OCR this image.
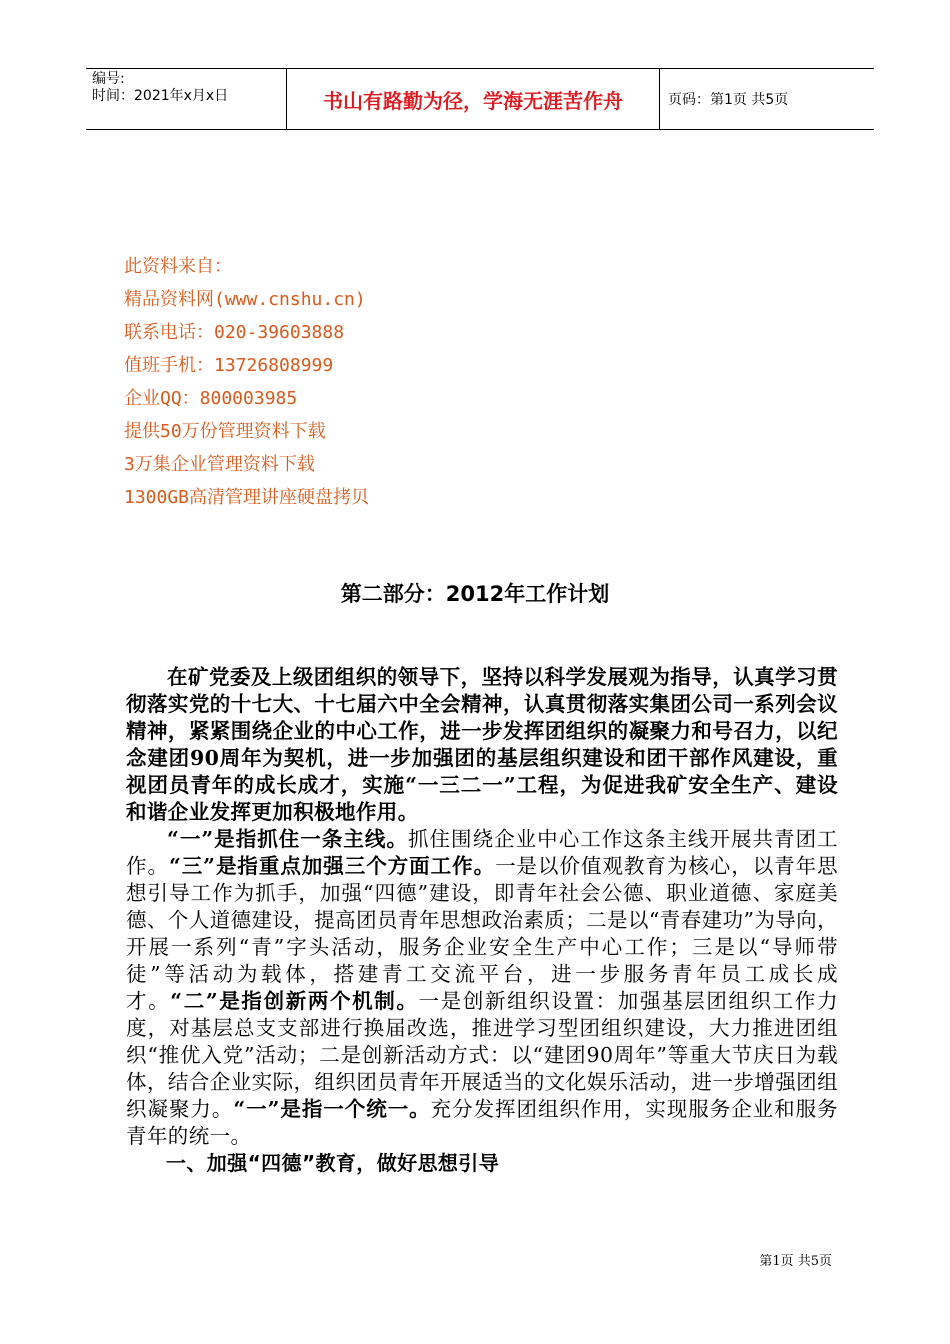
编号:
时间：2021年x月x日	书山有路勤为径，学海无涯苦作舟	页码：第1页 共5页
此资料来自：
精品资料网(www.cnshu.cn)
联系电话：020-39603888
值班手机：13726808999
企业QQ：800003985
提供50万份管理资料下载
3万集企业管理资料下载
1300GB高清管理讲座硬盘拷贝
第二部分：2012年工作计划

在矿党委及上级团组织的领导下，坚持以科学发展观为指导，认真学习贯彻落实党的十七大、十七届六中全会精神，认真贯彻落实集团公司一系列会议精神，紧紧围绕企业的中心工作，进一步发挥团组织的凝聚力和号召力，以纪念建团90周年为契机，进一步加强团的基层组织建设和团干部作风建设，重视团员青年的成长成才，实施“一三二一”工程，为促进我矿安全生产、建设和谐企业发挥更加积极地作用。

“一”是指抓住一条主线。抓住围绕企业中心工作这条主线开展共青团工作。“三”是指重点加强三个方面工作。一是以价值观教育为核心，以青年思想引导工作为抓手，加强“四德”建设，即青年社会公德、职业道德、家庭美德、个人道德建设，提高团员青年思想政治素质；二是以“青春建功”为导向，开展一系列“青”字头活动，服务企业安全生产中心工作；三是以“导师带徒”等活动为载体，搭建青工交流平台，进一步服务青年员工成长成才。“二”是指创新两个机制。一是创新组织设置：加强基层团组织工作力度，对基层总支支部进行换届改选，推进学习型团组织建设，大力推进团组织“推优入党”活动；二是创新活动方式：以“建团90周年”等重大节庆日为载体，结合企业实际，组织团员青年开展适当的文化娱乐活动，进一步增强团组织凝聚力。“一”是指一个统一。充分发挥团组织作用，实现服务企业和服务青年的统一。

一、加强“四德”教育，做好思想引导

第1页 共5页
